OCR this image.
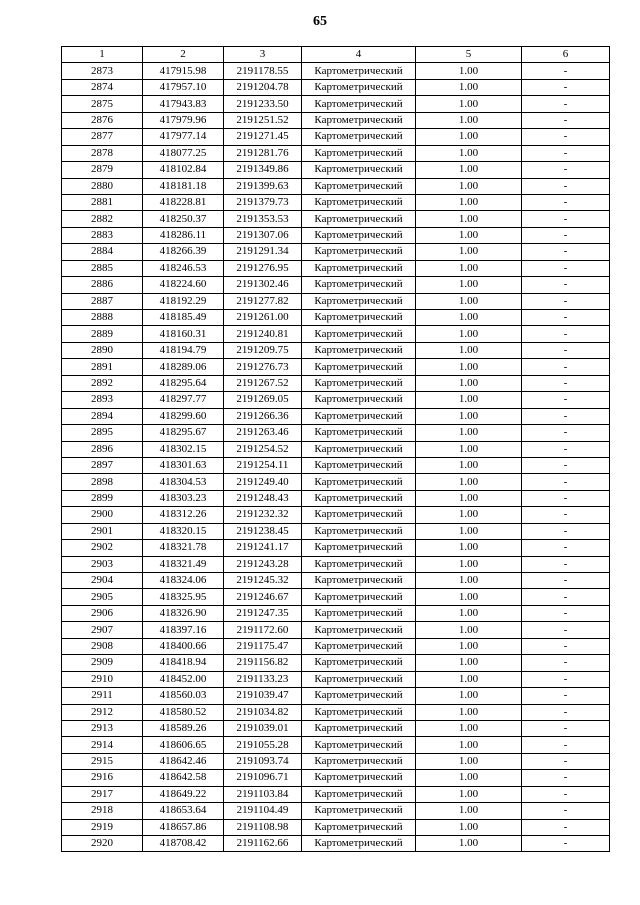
65
1	2	3	4	5	6
2873	417915.98	2191178.55	Картометрический	1.00	-
2874	417957.10	2191204.78	Картометрический	1.00	-
2875	417943.83	2191233.50	Картометрический	1.00	-
2876	417979.96	2191251.52	Картометрический	1.00	-
2877	417977.14	2191271.45	Картометрический	1.00	-
2878	418077.25	2191281.76	Картометрический	1.00	-
2879	418102.84	2191349.86	Картометрический	1.00	-
2880	418181.18	2191399.63	Картометрический	1.00	-
2881	418228.81	2191379.73	Картометрический	1.00	-
2882	418250.37	2191353.53	Картометрический	1.00	-
2883	418286.11	2191307.06	Картометрический	1.00	-
2884	418266.39	2191291.34	Картометрический	1.00	-
2885	418246.53	2191276.95	Картометрический	1.00	-
2886	418224.60	2191302.46	Картометрический	1.00	-
2887	418192.29	2191277.82	Картометрический	1.00	-
2888	418185.49	2191261.00	Картометрический	1.00	-
2889	418160.31	2191240.81	Картометрический	1.00	-
2890	418194.79	2191209.75	Картометрический	1.00	-
2891	418289.06	2191276.73	Картометрический	1.00	-
2892	418295.64	2191267.52	Картометрический	1.00	-
2893	418297.77	2191269.05	Картометрический	1.00	-
2894	418299.60	2191266.36	Картометрический	1.00	-
2895	418295.67	2191263.46	Картометрический	1.00	-
2896	418302.15	2191254.52	Картометрический	1.00	-
2897	418301.63	2191254.11	Картометрический	1.00	-
2898	418304.53	2191249.40	Картометрический	1.00	-
2899	418303.23	2191248.43	Картометрический	1.00	-
2900	418312.26	2191232.32	Картометрический	1.00	-
2901	418320.15	2191238.45	Картометрический	1.00	-
2902	418321.78	2191241.17	Картометрический	1.00	-
2903	418321.49	2191243.28	Картометрический	1.00	-
2904	418324.06	2191245.32	Картометрический	1.00	-
2905	418325.95	2191246.67	Картометрический	1.00	-
2906	418326.90	2191247.35	Картометрический	1.00	-
2907	418397.16	2191172.60	Картометрический	1.00	-
2908	418400.66	2191175.47	Картометрический	1.00	-
2909	418418.94	2191156.82	Картометрический	1.00	-
2910	418452.00	2191133.23	Картометрический	1.00	-
2911	418560.03	2191039.47	Картометрический	1.00	-
2912	418580.52	2191034.82	Картометрический	1.00	-
2913	418589.26	2191039.01	Картометрический	1.00	-
2914	418606.65	2191055.28	Картометрический	1.00	-
2915	418642.46	2191093.74	Картометрический	1.00	-
2916	418642.58	2191096.71	Картометрический	1.00	-
2917	418649.22	2191103.84	Картометрический	1.00	-
2918	418653.64	2191104.49	Картометрический	1.00	-
2919	418657.86	2191108.98	Картометрический	1.00	-
2920	418708.42	2191162.66	Картометрический	1.00	-
